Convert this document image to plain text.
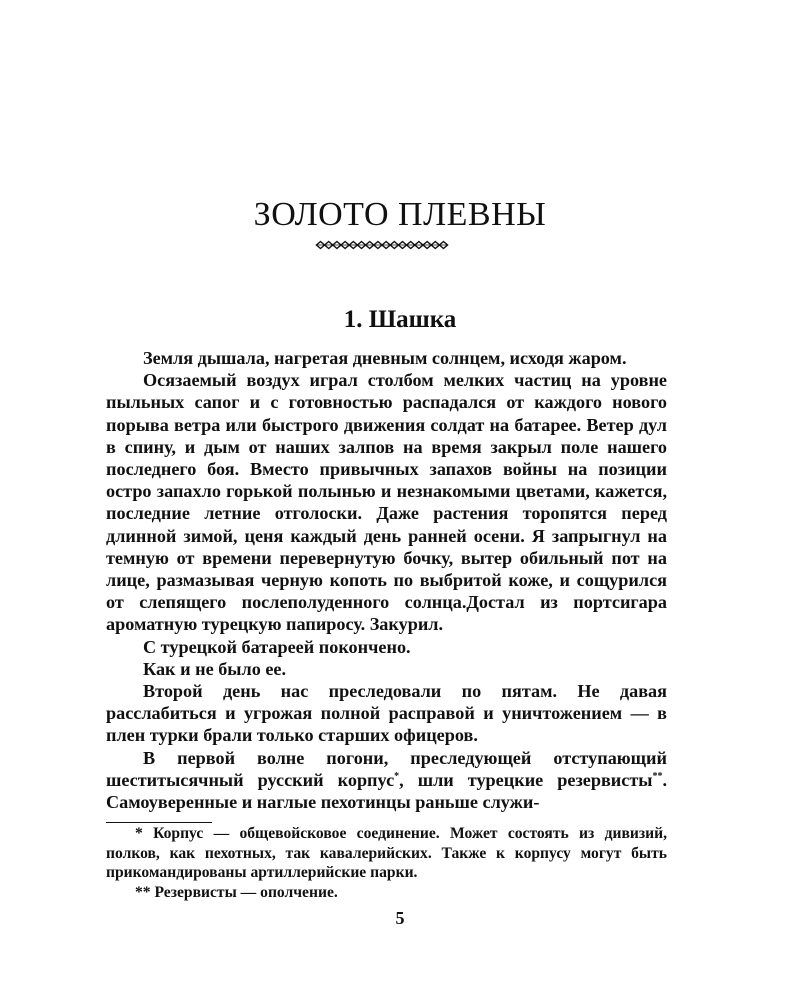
ЗОЛОТО ПЛЕВНЫ
1. Шашка

Земля дышала, нагретая дневным солнцем, исходя жаром.

Осязаемый воздух играл столбом мелких частиц на уровне пыльных сапог и с готовностью распадался от каждого нового порыва ветра или быстрого движения солдат на батарее. Ветер дул в спину, и дым от наших залпов на время закрыл поле нашего последнего боя. Вместо привычных запахов войны на позиции остро запахло горькой полынью и незнакомыми цветами, кажется, последние летние отголоски. Даже растения торопятся перед длинной зимой, ценя каждый день ранней осени. Я запрыгнул на темную от времени перевернутую бочку, вытер обильный пот на лице, размазывая черную копоть по выбритой коже, и сощурился от слепящего послеполуденного солнца.Достал из портсигара ароматную турецкую папиросу. Закурил.

С турецкой батареей покончено.

Как и не было ее.

Второй день нас преследовали по пятам. Не давая расслабиться и угрожая полной расправой и уничтожением — в плен турки брали только старших офицеров.

В первой волне погони, преследующей отступающий шеститысячный русский корпус*, шли турецкие резервисты**. Самоуверенные и наглые пехотинцы раньше служи-

* Корпус — общевойсковое соединение. Может состоять из дивизий, полков, как пехотных, так кавалерийских. Также к корпусу могут быть прикомандированы артиллерийские парки.

** Резервисты — ополчение.

5
